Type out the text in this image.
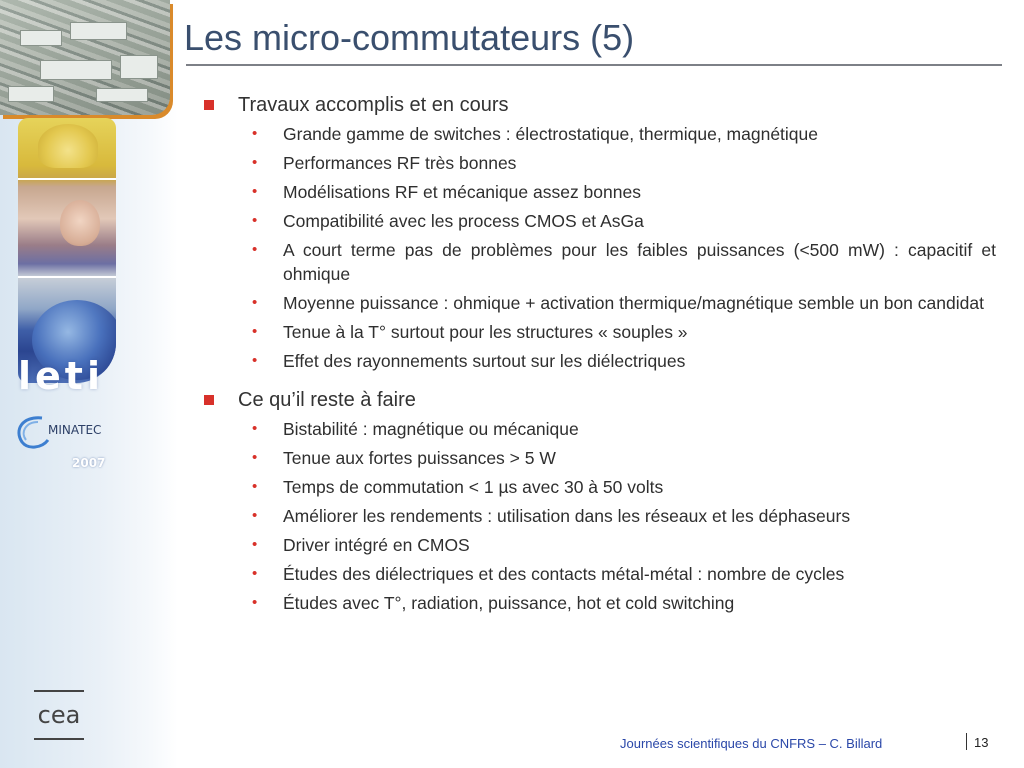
leti
MINATEC
2007
cea
Les micro-commutateurs (5)
Travaux accomplis et en cours
• Grande gamme de switches : électrostatique, thermique, magnétique
• Performances RF très bonnes
• Modélisations RF et mécanique assez bonnes
• Compatibilité avec les process CMOS et AsGa
• A court terme pas de problèmes pour les faibles puissances (<500 mW) : capacitif et ohmique
• Moyenne puissance : ohmique + activation thermique/magnétique semble un bon candidat
• Tenue à la T° surtout pour les structures « souples »
• Effet des rayonnements surtout sur les diélectriques
Ce qu’il reste à faire
• Bistabilité : magnétique ou mécanique
• Tenue aux fortes puissances > 5 W
• Temps de commutation < 1 µs avec 30 à 50 volts
• Améliorer les rendements : utilisation dans les réseaux et les déphaseurs
• Driver intégré en CMOS
• Études des diélectriques et des contacts métal-métal : nombre de cycles
• Études avec T°, radiation, puissance, hot et cold switching
Journées scientifiques du CNFRS – C. Billard	13
